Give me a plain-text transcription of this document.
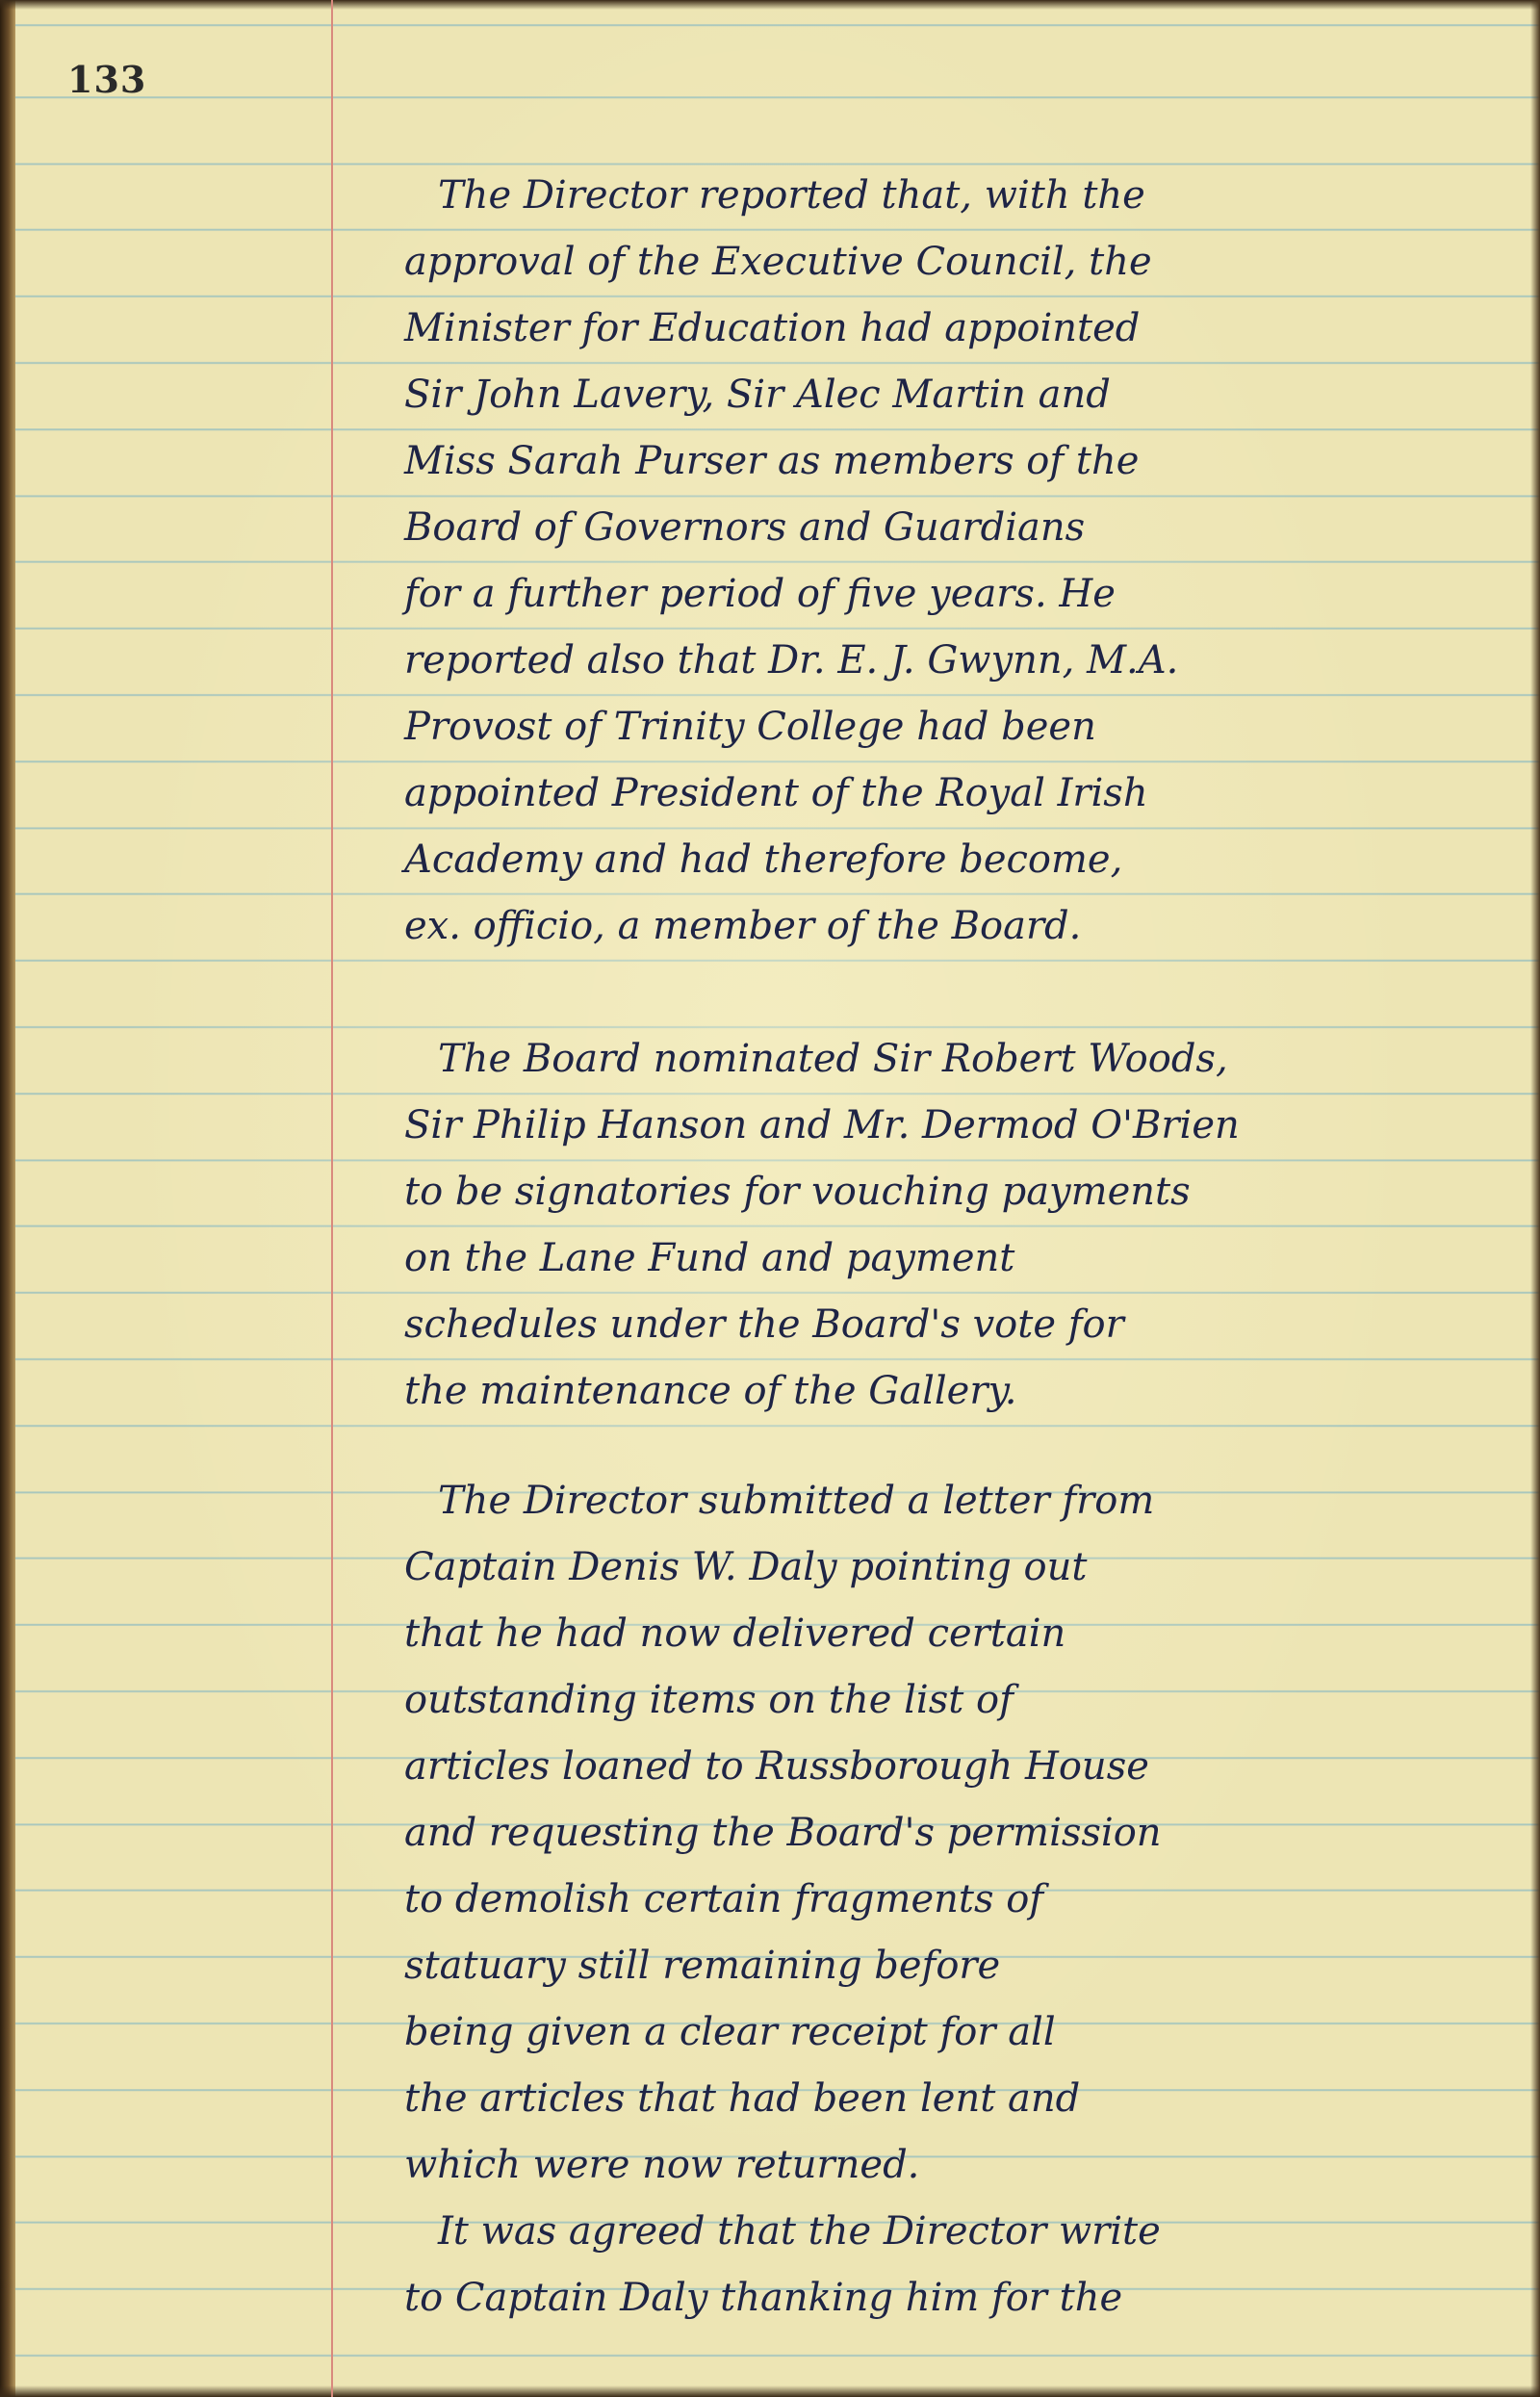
133
The Director reported that, with the
approval of the Executive Council, the
Minister for Education had appointed
Sir John Lavery, Sir Alec Martin and
Miss Sarah Purser as members of the
Board of Governors and Guardians
for a further period of five years. He
reported also that Dr. E. J. Gwynn, M.A.
Provost of Trinity College had been
appointed President of the Royal Irish
Academy and had therefore become,
ex. officio, a member of the Board.
The Board nominated Sir Robert Woods,
Sir Philip Hanson and Mr. Dermod O'Brien
to be signatories for vouching payments
on the Lane Fund and payment
schedules under the Board's vote for
the maintenance of the Gallery.
The Director submitted a letter from
Captain Denis W. Daly pointing out
that he had now delivered certain
outstanding items on the list of
articles loaned to Russborough House
and requesting the Board's permission
to demolish certain fragments of
statuary still remaining before
being given a clear receipt for all
the articles that had been lent and
which were now returned.
It was agreed that the Director write
to Captain Daly thanking him for the
